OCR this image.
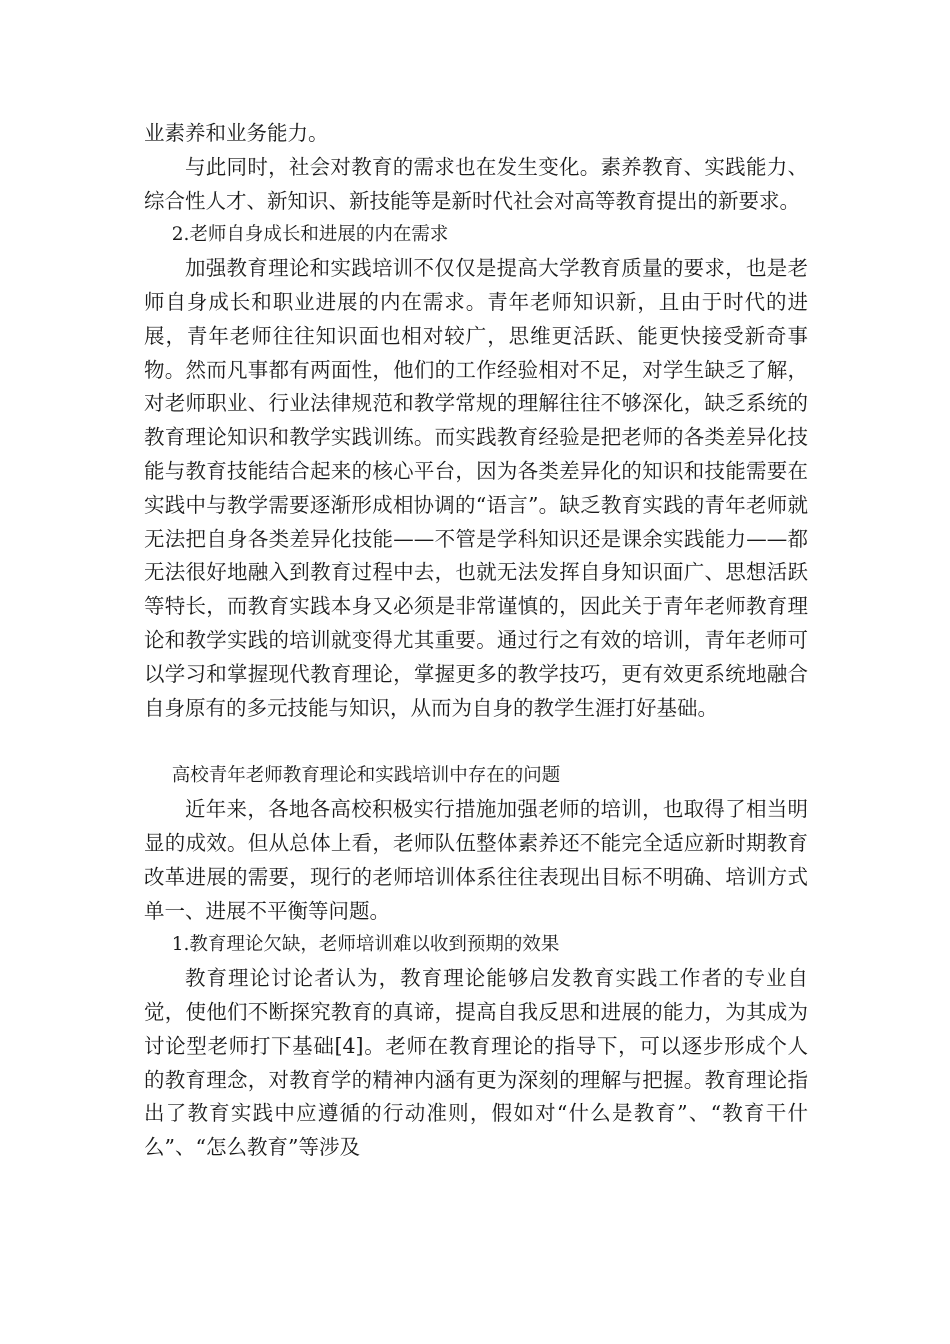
业素养和业务能力。

与此同时，社会对教育的需求也在发生变化。素养教育、实践能力、综合性人才、新知识、新技能等是新时代社会对高等教育提出的新要求。

2.老师自身成长和进展的内在需求

加强教育理论和实践培训不仅仅是提高大学教育质量的要求，也是老师自身成长和职业进展的内在需求。青年老师知识新，且由于时代的进展，青年老师往往知识面也相对较广，思维更活跃、能更快接受新奇事物。然而凡事都有两面性，他们的工作经验相对不足，对学生缺乏了解，对老师职业、行业法律规范和教学常规的理解往往不够深化，缺乏系统的教育理论知识和教学实践训练。而实践教育经验是把老师的各类差异化技能与教育技能结合起来的核心平台，因为各类差异化的知识和技能需要在实践中与教学需要逐渐形成相协调的“语言”。缺乏教育实践的青年老师就无法把自身各类差异化技能——不管是学科知识还是课余实践能力——都无法很好地融入到教育过程中去，也就无法发挥自身知识面广、思想活跃等特长，而教育实践本身又必须是非常谨慎的，因此关于青年老师教育理论和教学实践的培训就变得尤其重要。通过行之有效的培训，青年老师可以学习和掌握现代教育理论，掌握更多的教学技巧，更有效更系统地融合自身原有的多元技能与知识，从而为自身的教学生涯打好基础。

高校青年老师教育理论和实践培训中存在的问题

近年来，各地各高校积极实行措施加强老师的培训，也取得了相当明显的成效。但从总体上看，老师队伍整体素养还不能完全适应新时期教育改革进展的需要，现行的老师培训体系往往表现出目标不明确、培训方式单一、进展不平衡等问题。

1.教育理论欠缺，老师培训难以收到预期的效果

教育理论讨论者认为，教育理论能够启发教育实践工作者的专业自觉，使他们不断探究教育的真谛，提高自我反思和进展的能力，为其成为讨论型老师打下基础[4]。老师在教育理论的指导下，可以逐步形成个人的教育理念，对教育学的精神内涵有更为深刻的理解与把握。教育理论指出了教育实践中应遵循的行动准则，假如对“什么是教育”、“教育干什么”、“怎么教育”等涉及
